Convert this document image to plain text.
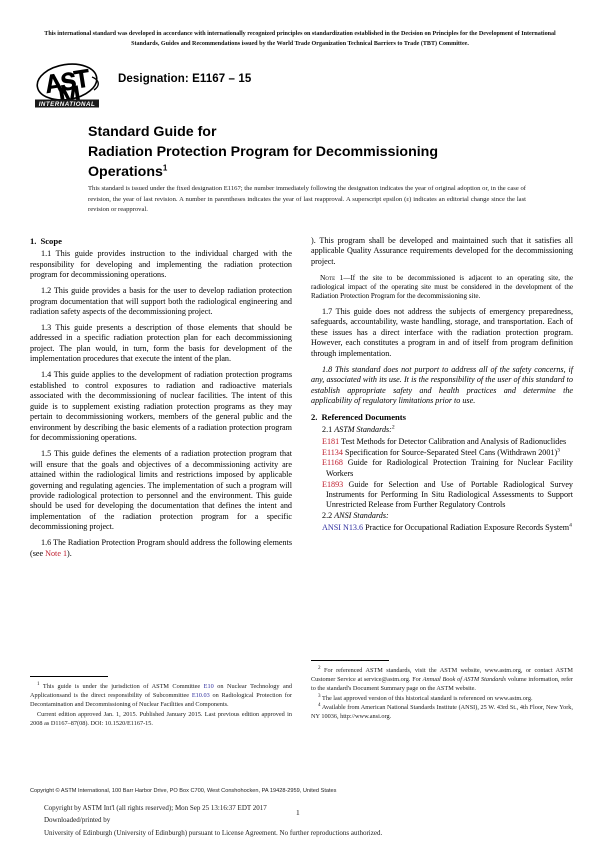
This international standard was developed in accordance with internationally recognized principles on standardization established in the Decision on Principles for the Development of International Standards, Guides and Recommendations issued by the World Trade Organization Technical Barriers to Trade (TBT) Committee.
INTERNATIONAL
Designation: E1167 – 15
Standard Guide for
Radiation Protection Program for Decommissioning
Operations$^1$
This standard is issued under the fixed designation E1167; the number immediately following the designation indicates the year of original adoption or, in the case of revision, the year of last revision. A number in parentheses indicates the year of last reapproval. A superscript epsilon (ε) indicates an editorial change since the last revision or reapproval.
1. Scope

1.1 This guide provides instruction to the individual charged with the responsibility for developing and implementing the radiation protection program for decommissioning operations.

1.2 This guide provides a basis for the user to develop radiation protection program documentation that will support both the radiological engineering and radiation safety aspects of the decommissioning project.

1.3 This guide presents a description of those elements that should be addressed in a specific radiation protection plan for each decommissioning project. The plan would, in turn, form the basis for development of the implementation procedures that execute the intent of the plan.

1.4 This guide applies to the development of radiation protection programs established to control exposures to radiation and radioactive materials associated with the decommissioning of nuclear facilities. The intent of this guide is to supplement existing radiation protection programs as they may pertain to decommissioning workers, members of the general public and the environment by describing the basic elements of a radiation protection program for decommissioning operations.

1.5 This guide defines the elements of a radiation protection program that will ensure that the goals and objectives of a decommissioning activity are attained within the radiological limits and restrictions imposed by applicable governing and regulating agencies. The implementation of such a program will provide radiological protection to personnel and the environment. This guide should be used for developing the documentation that defines the intent and implementation of the radiation protection program for a specific decommissioning project.

1.6 The Radiation Protection Program should address the following elements (see Note 1).

$^1$ This guide is under the jurisdiction of ASTM Committee E10 on Nuclear Technology and Applicationsand is the direct responsibility of Subcommittee E10.03 on Radiological Protection for Decontamination and Decommissioning of Nuclear Facilities and Components.

Current edition approved Jan. 1, 2015. Published January 2015. Last previous edition approved in 2008 as D1167–87(08). DOI: 10.1520/E1167-15.

). This program shall be developed and maintained such that it satisfies all applicable Quality Assurance requirements developed for the decommissioning project.

Note 1—If the site to be decommissioned is adjacent to an operating site, the radiological impact of the operating site must be considered in the development of the Radiation Protection Program for the decommissioning site.

1.7 This guide does not address the subjects of emergency preparedness, safeguards, accountability, waste handling, storage, and transportation. Each of these issues has a direct interface with the radiation protection program. However, each constitutes a program in and of itself from program definition through implementation.

1.8 This standard does not purport to address all of the safety concerns, if any, associated with its use. It is the responsibility of the user of this standard to establish appropriate safety and health practices and determine the applicability of regulatory limitations prior to use.

2. Referenced Documents

2.1 ASTM Standards:$^2$

E181 Test Methods for Detector Calibration and Analysis of Radionuclides

E1134 Specification for Source-Separated Steel Cans (Withdrawn 2001)$^3$

E1168 Guide for Radiological Protection Training for Nuclear Facility Workers

E1893 Guide for Selection and Use of Portable Radiological Survey Instruments for Performing In Situ Radiological Assessments to Support Unrestricted Release from Further Regulatory Controls

2.2 ANSI Standards:

ANSI N13.6 Practice for Occupational Radiation Exposure Records System$^4$

$^2$ For referenced ASTM standards, visit the ASTM website, www.astm.org, or contact ASTM Customer Service at service@astm.org. For Annual Book of ASTM Standards volume information, refer to the standard's Document Summary page on the ASTM website.

$^3$ The last approved version of this historical standard is referenced on www.astm.org.

$^4$ Available from American National Standards Institute (ANSI), 25 W. 43rd St., 4th Floor, New York, NY 10036, http://www.ansi.org.

Copyright © ASTM International, 100 Barr Harbor Drive, PO Box C700, West Conshohocken, PA 19428-2959, United States
Copyright by ASTM Int'l (all rights reserved); Mon Sep 25 13:16:37 EDT 2017
Downloaded/printed by
University of Edinburgh (University of Edinburgh) pursuant to License Agreement. No further reproductions authorized.
1
